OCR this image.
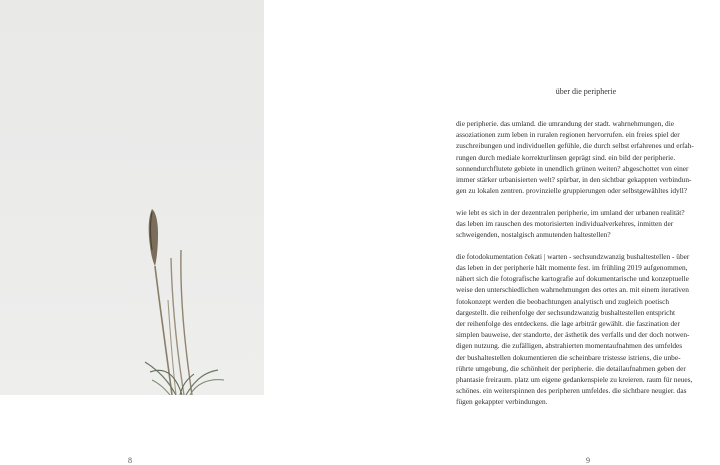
8
über die peripherie

die peripherie. das umland. die umrandung der stadt. wahrnehmungen, die
assoziationen zum leben in ruralen regionen hervorrufen. ein freies spiel der
zuschreibungen und individuellen gefühle, die durch selbst erfahrenes und erfah-
rungen durch mediale korrekturlinsen geprägt sind. ein bild der peripherie.
sonnendurchflutete gebiete in unendlich grünen weiten? abgeschottet von einer
immer stärker urbanisierten welt? spürbar, in den sichtbar gekappten verbindun-
gen zu lokalen zentren. provinzielle gruppierungen oder selbstgewähltes idyll?

wie lebt es sich in der dezentralen peripherie, im umland der urbanen realität?
das leben im rauschen des motorisierten individualverkehres, inmitten der
schweigenden, nostalgisch anmutenden haltestellen?

die fotodokumentation čekati | warten - sechsundzwanzig bushaltestellen - über
das leben in der peripherie hält momente fest. im frühling 2019 aufgenommen,
nähert sich die fotografische kartografie auf dokumentarische und konzeptuelle
weise den unterschiedlichen wahrnehmungen des ortes an. mit einem iterativen
fotokonzept werden die beobachtungen analytisch und zugleich poetisch
dargestellt. die reihenfolge der sechsundzwanzig bushaltestellen entspricht
der reihenfolge des entdeckens. die lage arbiträr gewählt. die faszination der
simplen bauweise, der standorte, der ästhetik des verfalls und der doch notwen-
digen nutzung. die zufälligen, abstrahierten momentaufnahmen des umfeldes
der bushaltestellen dokumentieren die scheinbare tristesse istriens, die unbe-
rührte umgebung, die schönheit der peripherie. die detailaufnahmen geben der
phantasie freiraum. platz um eigene gedankenspiele zu kreieren. raum für neues,
schönes. ein weiterspinnen des peripheren umfeldes. die sichtbare neugier. das
fügen gekappter verbindungen.

9
